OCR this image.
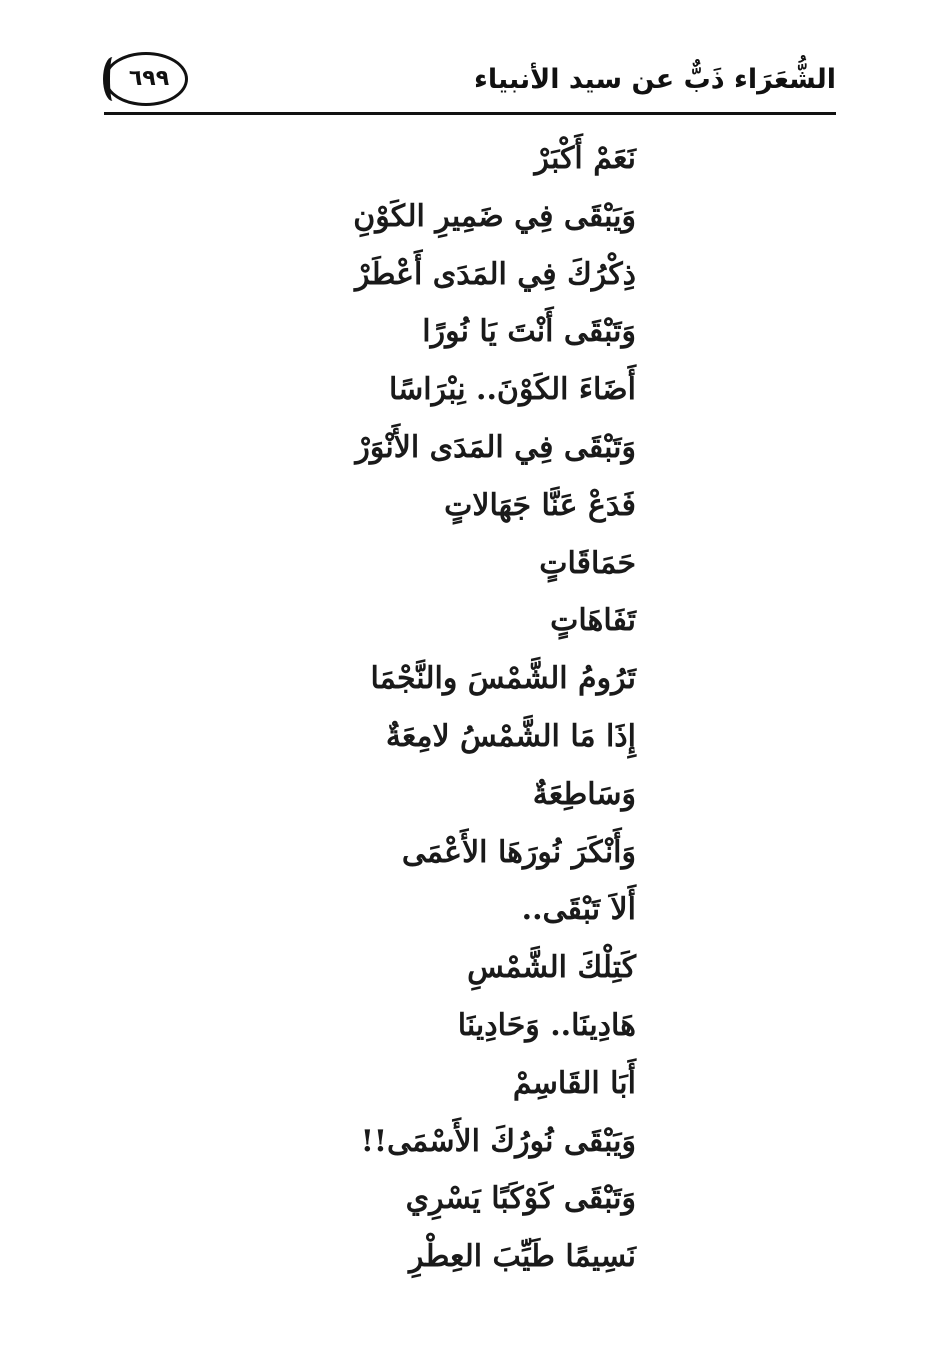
الشُّعَرَاء ذَبٌّ عن سيد الأنبياء
٦٩٩
نَعَمْ أَكْبَرْ
وَيَبْقَى فِي ضَمِيرِ الكَوْنِ
ذِكْرُكَ فِي المَدَى أَعْطَرْ
وَتَبْقَى أَنْتَ يَا نُورًا
أَضَاءَ الكَوْنَ.. نِبْرَاسًا
وَتَبْقَى فِي المَدَى الأَنْوَرْ
فَدَعْ عَنَّا جَهَالاتٍ
حَمَاقَاتٍ
تَفَاهَاتٍ
تَرُومُ الشَّمْسَ والنَّجْمَا
إِذَا مَا الشَّمْسُ لامِعَةٌ
وَسَاطِعَةٌ
وَأَنْكَرَ نُورَهَا الأَعْمَى
أَلاَ تَبْقَى..
كَتِلْكَ الشَّمْسِ
هَادِينَا.. وَحَادِينَا
أَبَا القَاسِمْ
وَيَبْقَى نُورُكَ الأَسْمَى!!
وَتَبْقَى كَوْكَبًا يَسْرِي
نَسِيمًا طَيِّبَ العِطْرِ
